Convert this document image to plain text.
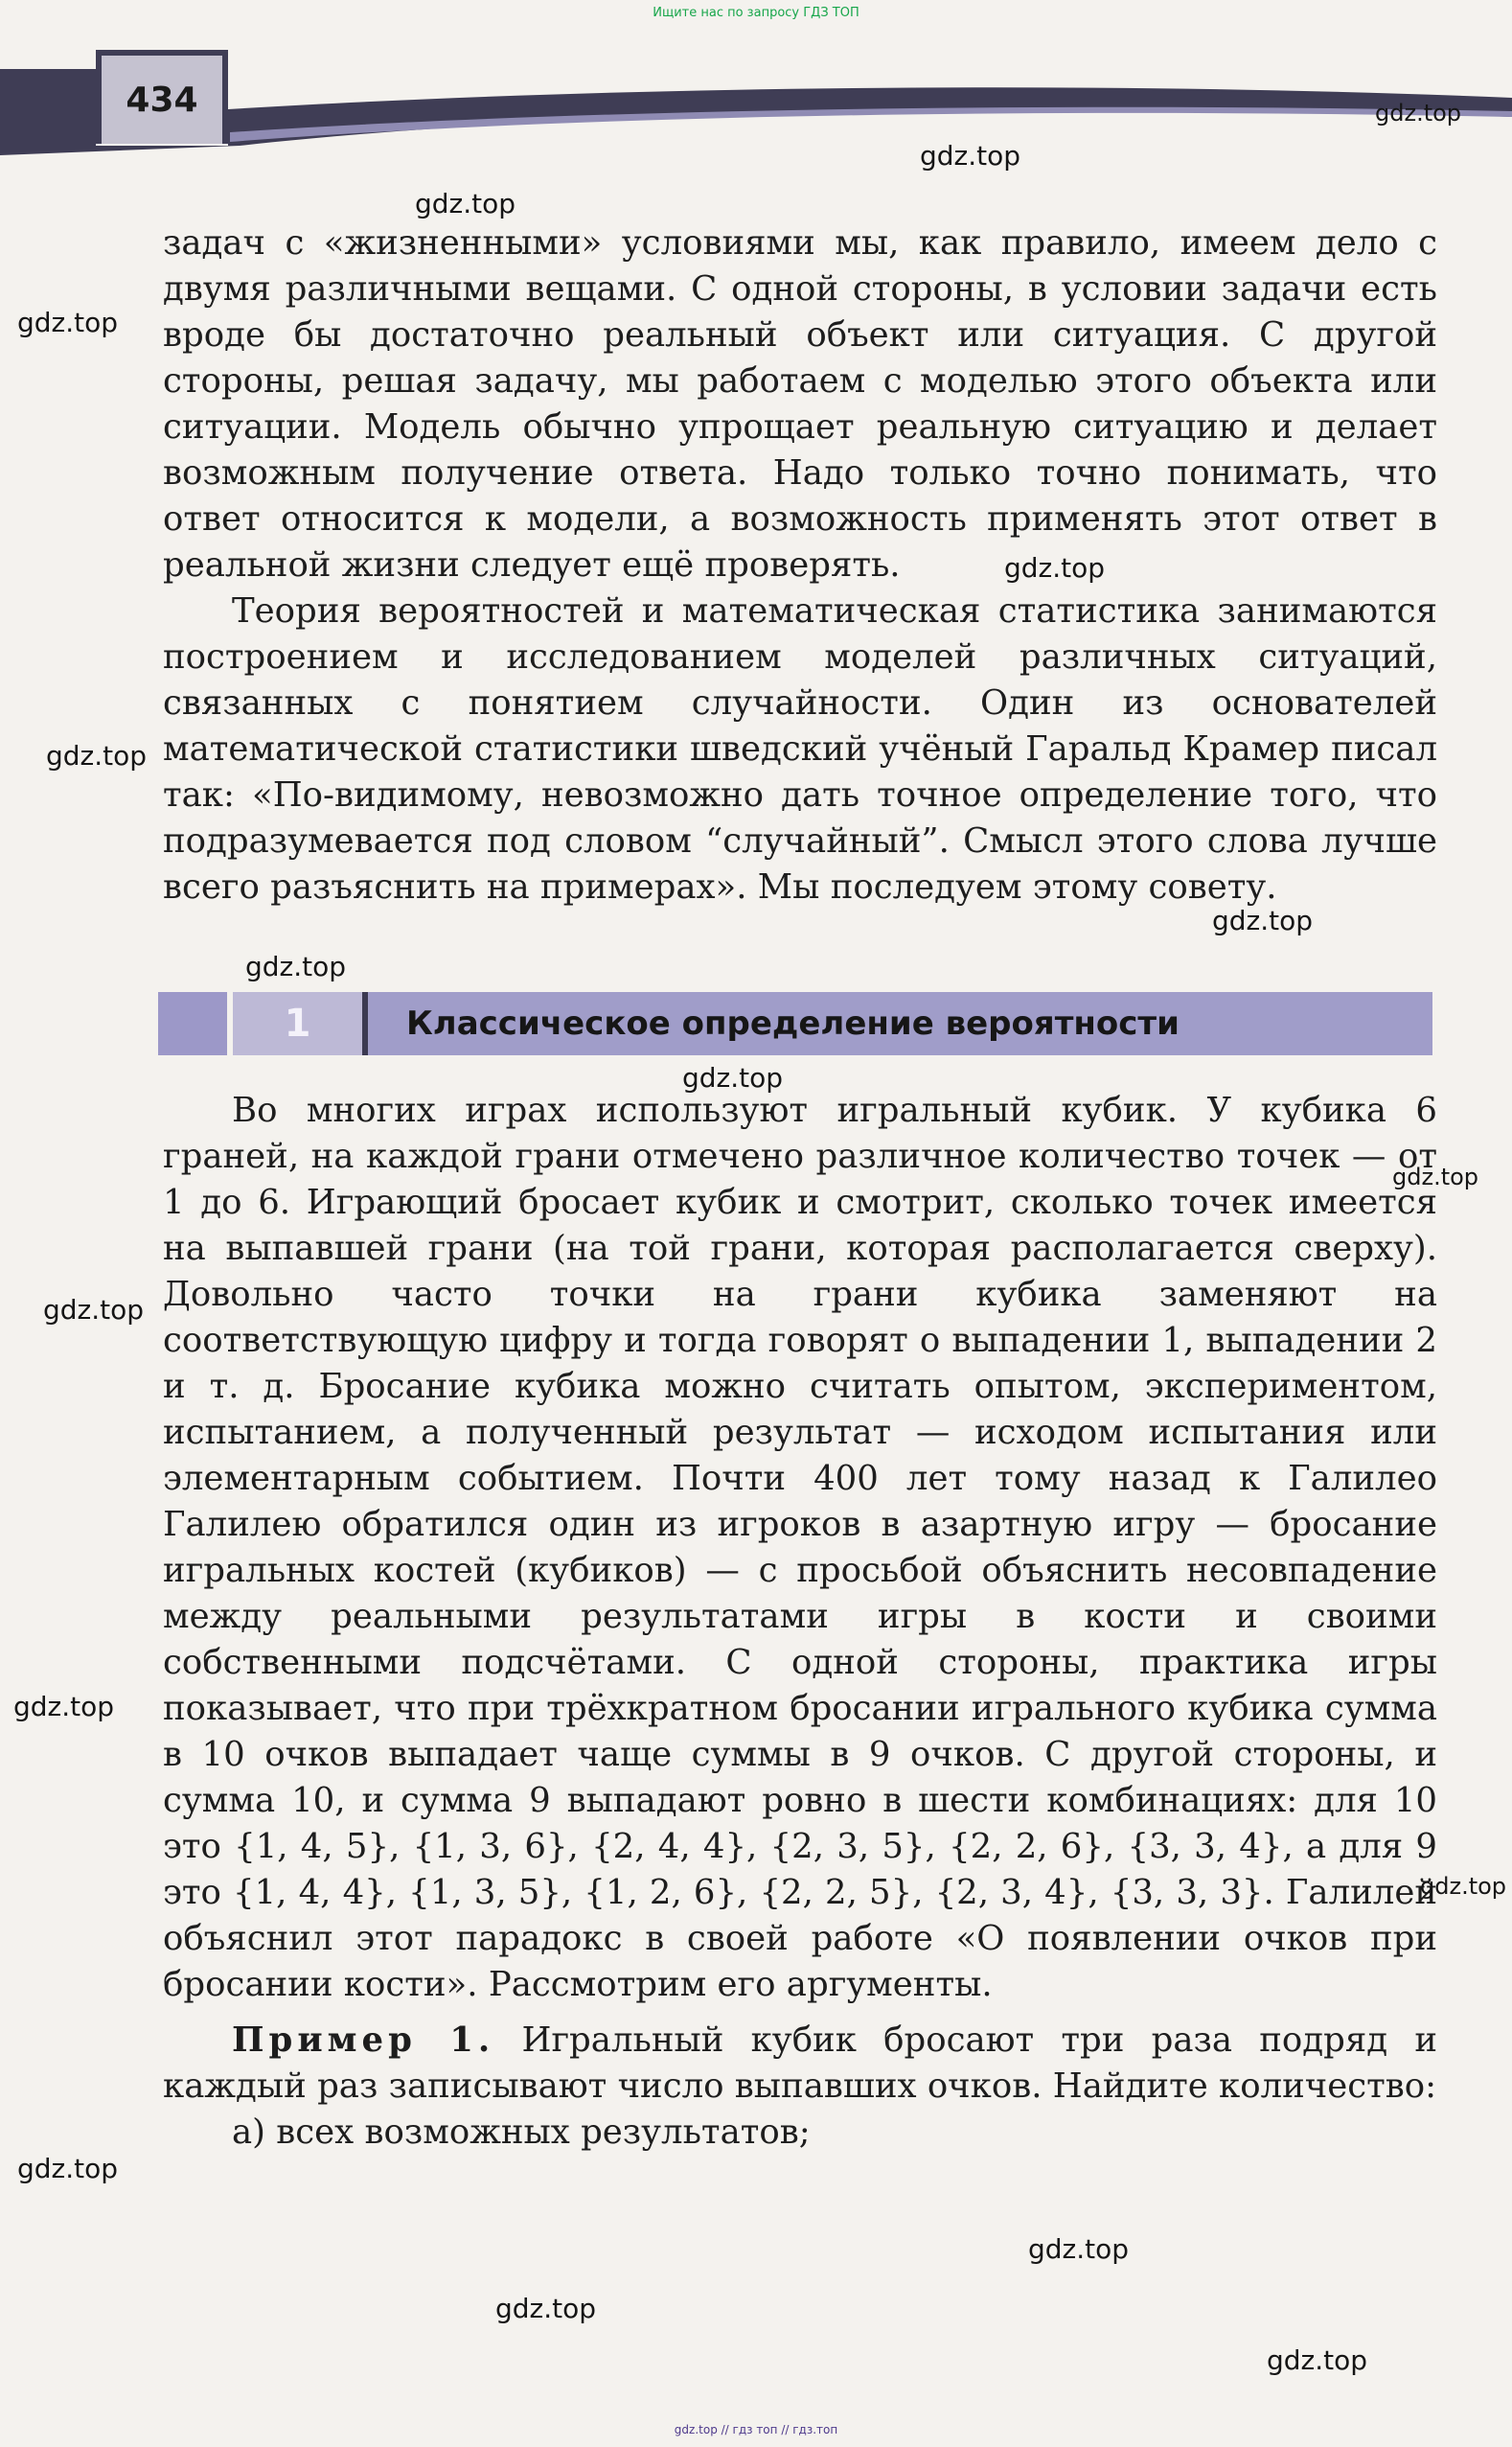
Ищите нас по запросу ГДЗ ТОП
434

задач с «жизненными» условиями мы, как правило, имеем дело с двумя различными вещами. С одной стороны, в условии задачи есть вроде бы достаточно реальный объект или ситуация. С другой стороны, решая задачу, мы работаем с моделью этого объекта или ситуации. Модель обычно упрощает реальную ситуацию и делает возможным получение ответа. Надо только точно понимать, что ответ относится к модели, а возможность применять этот ответ в реальной жизни следует ещё проверять.

Теория вероятностей и математическая статистика занимаются построением и исследованием моделей различных ситуаций, связанных с понятием случайности. Один из основателей математической статистики шведский учёный Гаральд Крамер писал так: «По-видимому, невозможно дать точное определение того, что подразумевается под словом “случайный”. Смысл этого слова лучше всего разъяснить на примерах». Мы последуем этому совету.

1	Классическое определение вероятности

Во многих играх используют игральный кубик. У кубика 6 граней, на каждой грани отмечено различное количество точек — от 1 до 6. Играющий бросает кубик и смотрит, сколько точек имеется на выпавшей грани (на той грани, которая располагается сверху). Довольно часто точки на грани кубика заменяют на соответствующую цифру и тогда говорят о выпадении 1, выпадении 2 и т. д. Бросание кубика можно считать опытом, экспериментом, испытанием, а полученный результат — исходом испытания или элементарным событием. Почти 400 лет тому назад к Галилео Галилею обратился один из игроков в азартную игру — бросание игральных костей (кубиков) — с просьбой объяснить несовпадение между реальными результатами игры в кости и своими собственными подсчётами. С одной стороны, практика игры показывает, что при трёхкратном бросании игрального кубика сумма в 10 очков выпадает чаще суммы в 9 очков. С другой стороны, и сумма 10, и сумма 9 выпадают ровно в шести комбинациях: для 10 это {1, 4, 5}, {1, 3, 6}, {2, 4, 4}, {2, 3, 5}, {2, 2, 6}, {3, 3, 4}, а для 9 это {1, 4, 4}, {1, 3, 5}, {1, 2, 6}, {2, 2, 5}, {2, 3, 4}, {3, 3, 3}. Галилей объяснил этот парадокс в своей работе «О появлении очков при бросании кости». Рассмотрим его аргументы.

Пример 1. Игральный кубик бросают три раза подряд и каждый раз записывают число выпавших очков. Найдите количество:

а) всех возможных результатов;

gdz.top
gdz.top
gdz.top
gdz.top
gdz.top
gdz.top
gdz.top
gdz.top
gdz.top
gdz.top
gdz.top
gdz.top
gdz.top
gdz.top
gdz.top
gdz.top
gdz.top
gdz.top // гдз топ // гдз.топ
